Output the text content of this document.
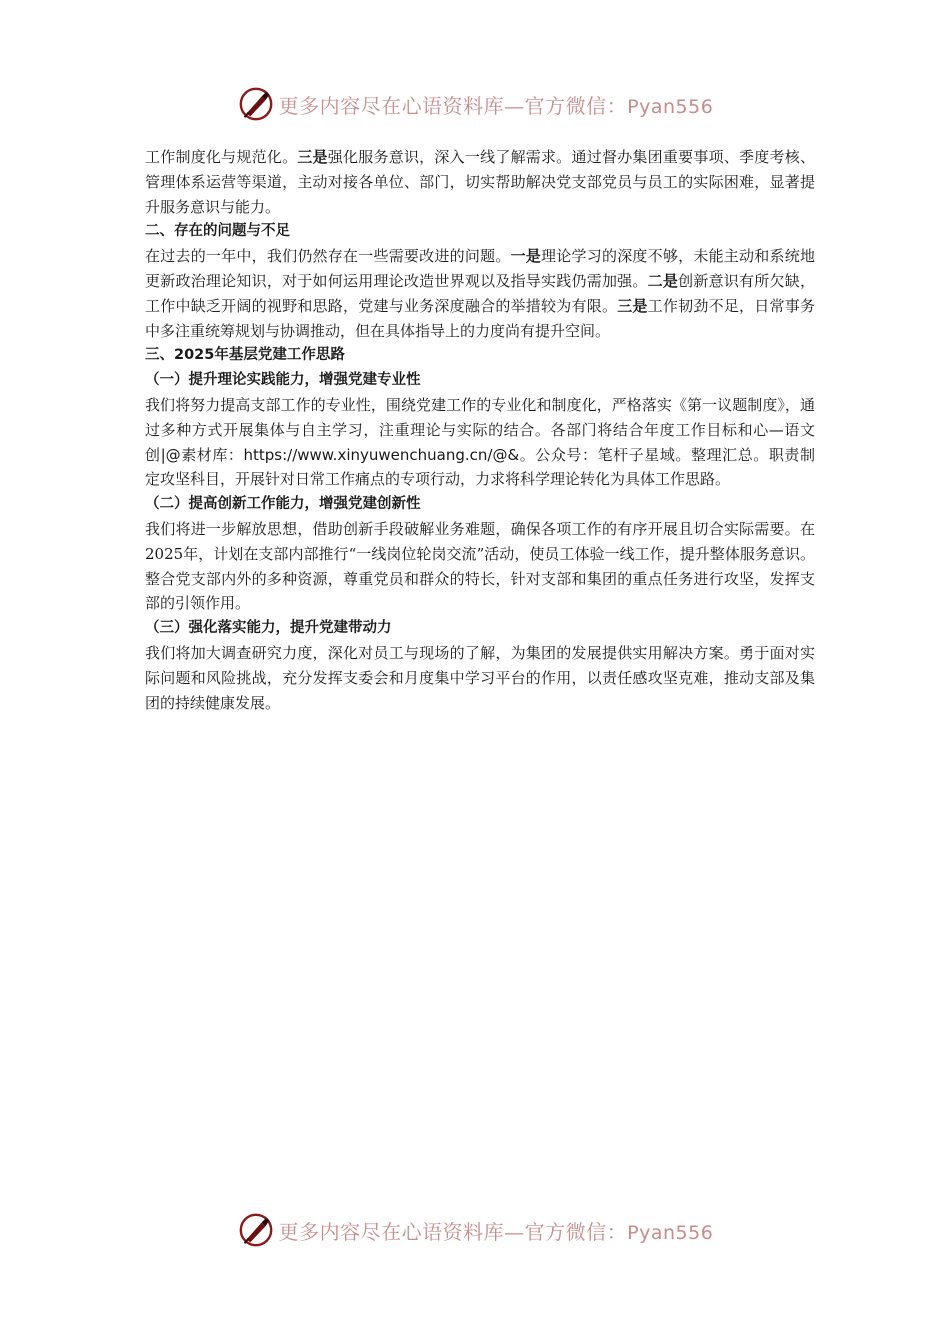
更多内容尽在心语资料库—官方微信：Pyan556

工作制度化与规范化。三是强化服务意识，深入一线了解需求。通过督办集团重要事项、季度考核、管理体系运营等渠道，主动对接各单位、部门，切实帮助解决党支部党员与员工的实际困难，显著提升服务意识与能力。

二、存在的问题与不足

在过去的一年中，我们仍然存在一些需要改进的问题。一是理论学习的深度不够，未能主动和系统地更新政治理论知识，对于如何运用理论改造世界观以及指导实践仍需加强。二是创新意识有所欠缺，工作中缺乏开阔的视野和思路，党建与业务深度融合的举措较为有限。三是工作韧劲不足，日常事务中多注重统筹规划与协调推动，但在具体指导上的力度尚有提升空间。

三、2025年基层党建工作思路

（一）提升理论实践能力，增强党建专业性

我们将努力提高支部工作的专业性，围绕党建工作的专业化和制度化，严格落实《第一议题制度》，通过多种方式开展集体与自主学习，注重理论与实际的结合。各部门将结合年度工作目标和心—语文创|@素材库：https://www.xinyuwenchuang.cn/@&。公众号：笔杆子星域。整理汇总。职责制定攻坚科目，开展针对日常工作痛点的专项行动，力求将科学理论转化为具体工作思路。

（二）提高创新工作能力，增强党建创新性

我们将进一步解放思想，借助创新手段破解业务难题，确保各项工作的有序开展且切合实际需要。在2025年，计划在支部内部推行“一线岗位轮岗交流”活动，使员工体验一线工作，提升整体服务意识。整合党支部内外的多种资源，尊重党员和群众的特长，针对支部和集团的重点任务进行攻坚，发挥支部的引领作用。

（三）强化落实能力，提升党建带动力

我们将加大调查研究力度，深化对员工与现场的了解，为集团的发展提供实用解决方案。勇于面对实际问题和风险挑战，充分发挥支委会和月度集中学习平台的作用，以责任感攻坚克难，推动支部及集团的持续健康发展。

更多内容尽在心语资料库—官方微信：Pyan556
